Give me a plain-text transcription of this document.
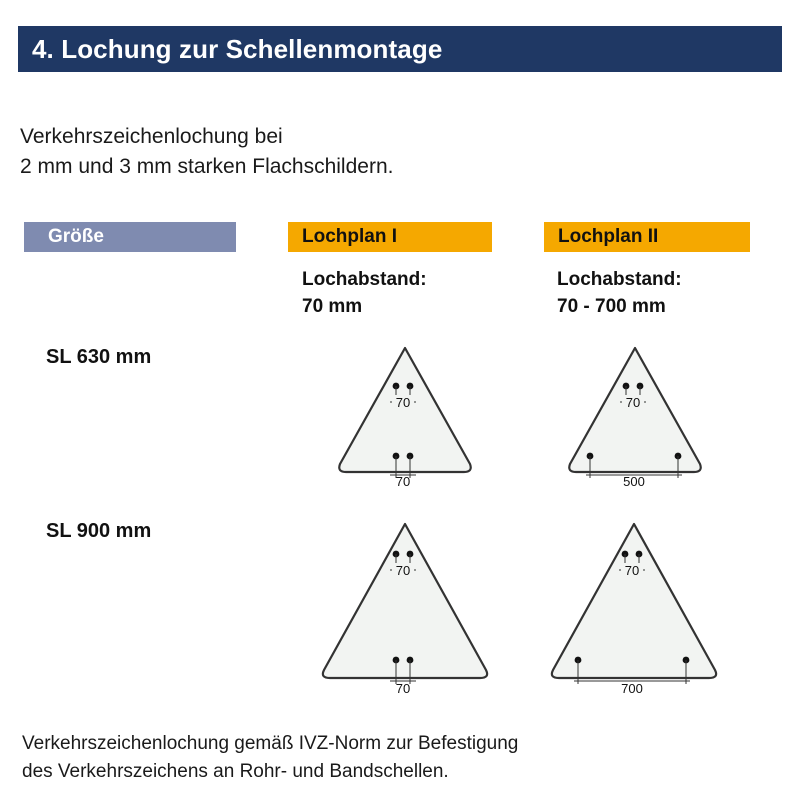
4. Lochung zur Schellenmontage
Verkehrszeichenlochung bei
2 mm und 3 mm starken Flachschildern.
Größe	Lochplan I	Lochplan II
Lochabstand:
70 mm
Lochabstand:
70 - 700 mm
SL 630 mm
SL 900 mm
70
70
70
500
70
70
70
700
Verkehrszeichenlochung gemäß IVZ-Norm zur Befestigung
des Verkehrszeichens an Rohr- und Bandschellen.
